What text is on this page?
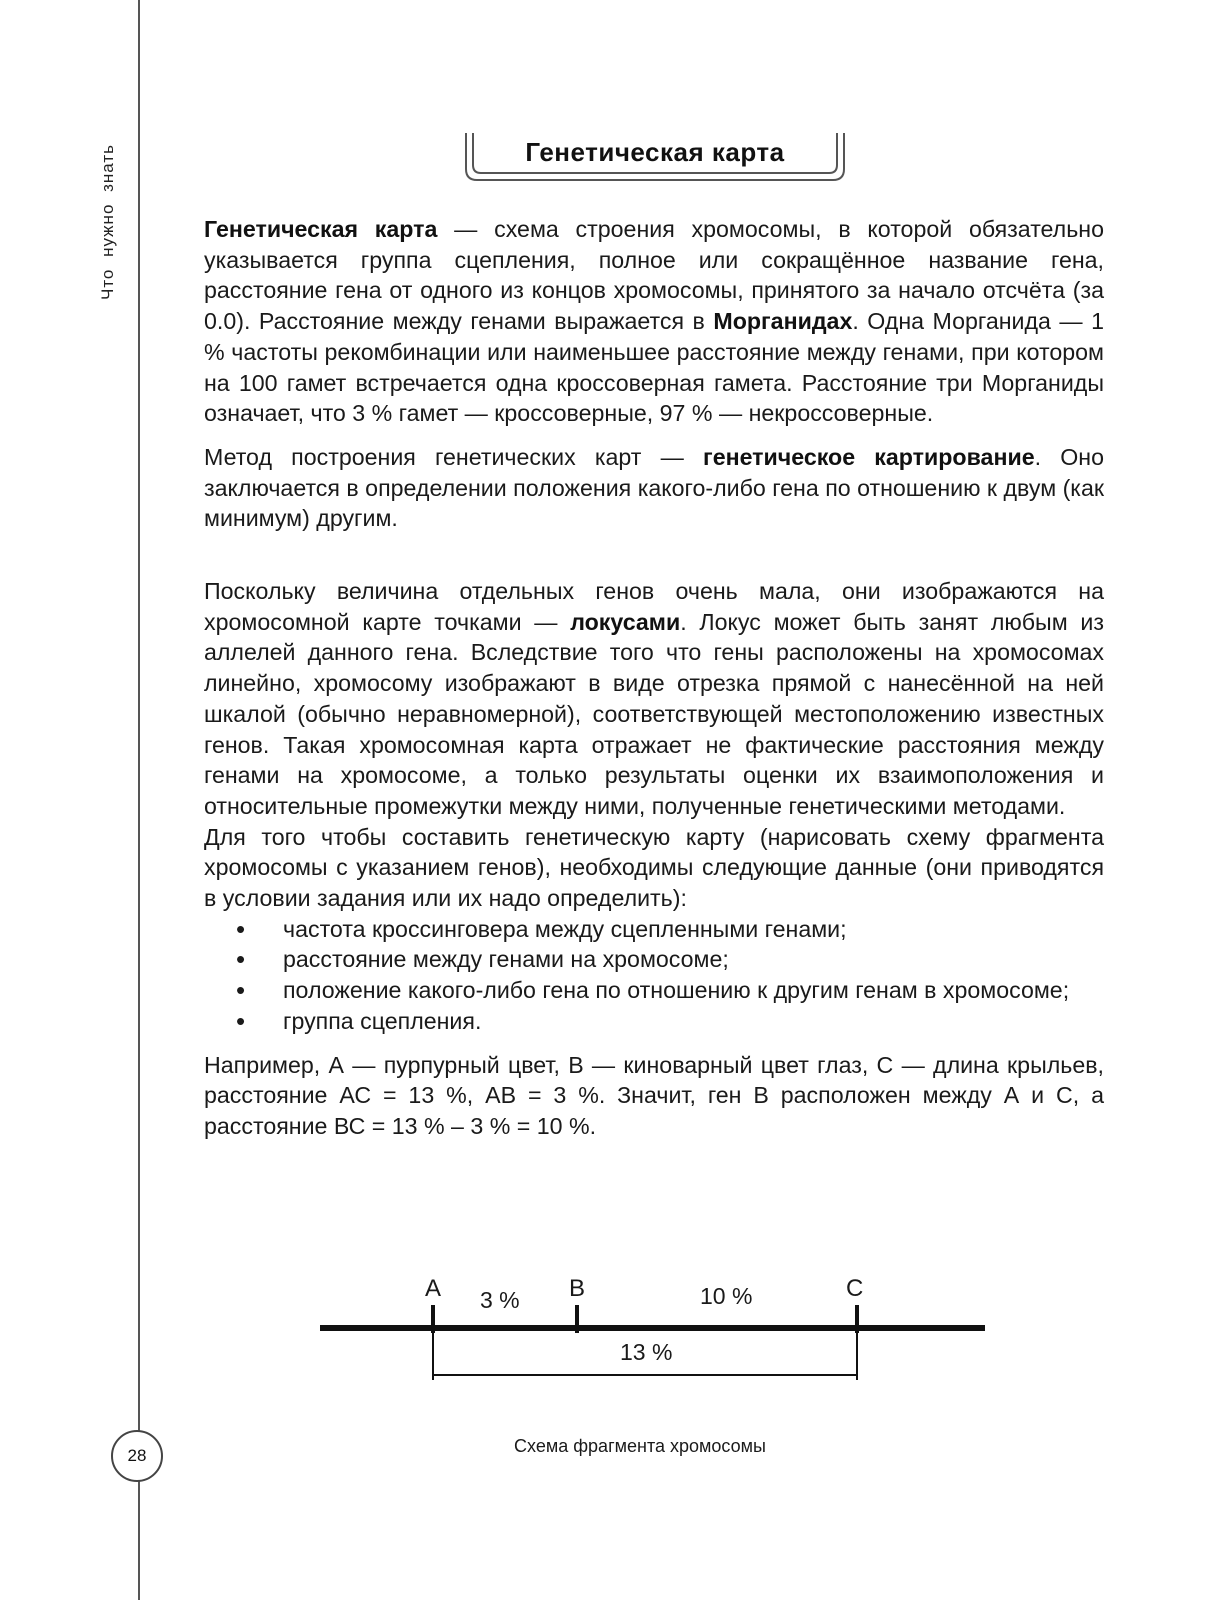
Что нужно знать
28
Генетическая карта

Генетическая карта — схема строения хромосомы, в которой обязательно указывается группа сцепления, полное или сокращённое название гена, расстояние гена от одного из концов хромосомы, принятого за начало отсчёта (за 0.0). Расстояние между генами выражается в Морганидах. Одна Морганида — 1 % частоты рекомбинации или наименьшее расстояние между генами, при котором на 100 гамет встречается одна кроссоверная гамета. Расстояние три Морганиды означает, что 3 % гамет — кроссоверные, 97 % — некроссоверные.

Метод построения генетических карт — генетическое картирование. Оно заключается в определении положения какого-либо гена по отношению к двум (как минимум) другим.

Поскольку величина отдельных генов очень мала, они изображаются на хромосомной карте точками — локусами. Локус может быть занят любым из аллелей данного гена. Вследствие того что гены расположены на хромосомах линейно, хромосому изображают в виде отрезка прямой с нанесённой на ней шкалой (обычно неравномерной), соответствующей местоположению известных генов. Такая хромосомная карта отражает не фактические расстояния между генами на хромосоме, а только результаты оценки их взаимоположения и относительные промежутки между ними, полученные генетическими методами.

Для того чтобы составить генетическую карту (нарисовать схему фрагмента хромосомы с указанием генов), необходимы следующие данные (они приводятся в условии задания или их надо определить):

• частота кроссинговера между сцепленными генами;
• расстояние между генами на хромосоме;
• положение какого-либо гена по отношению к другим генам в хромосоме;
• группа сцепления.

Например, А — пурпурный цвет, В — киноварный цвет глаз, С — длина крыльев, расстояние АС = 13 %, АВ = 3 %. Значит, ген В расположен между А и С, а расстояние ВС = 13 % – 3 % = 10 %.

A	B	C
3 %	10 %
13 %
Схема фрагмента хромосомы
